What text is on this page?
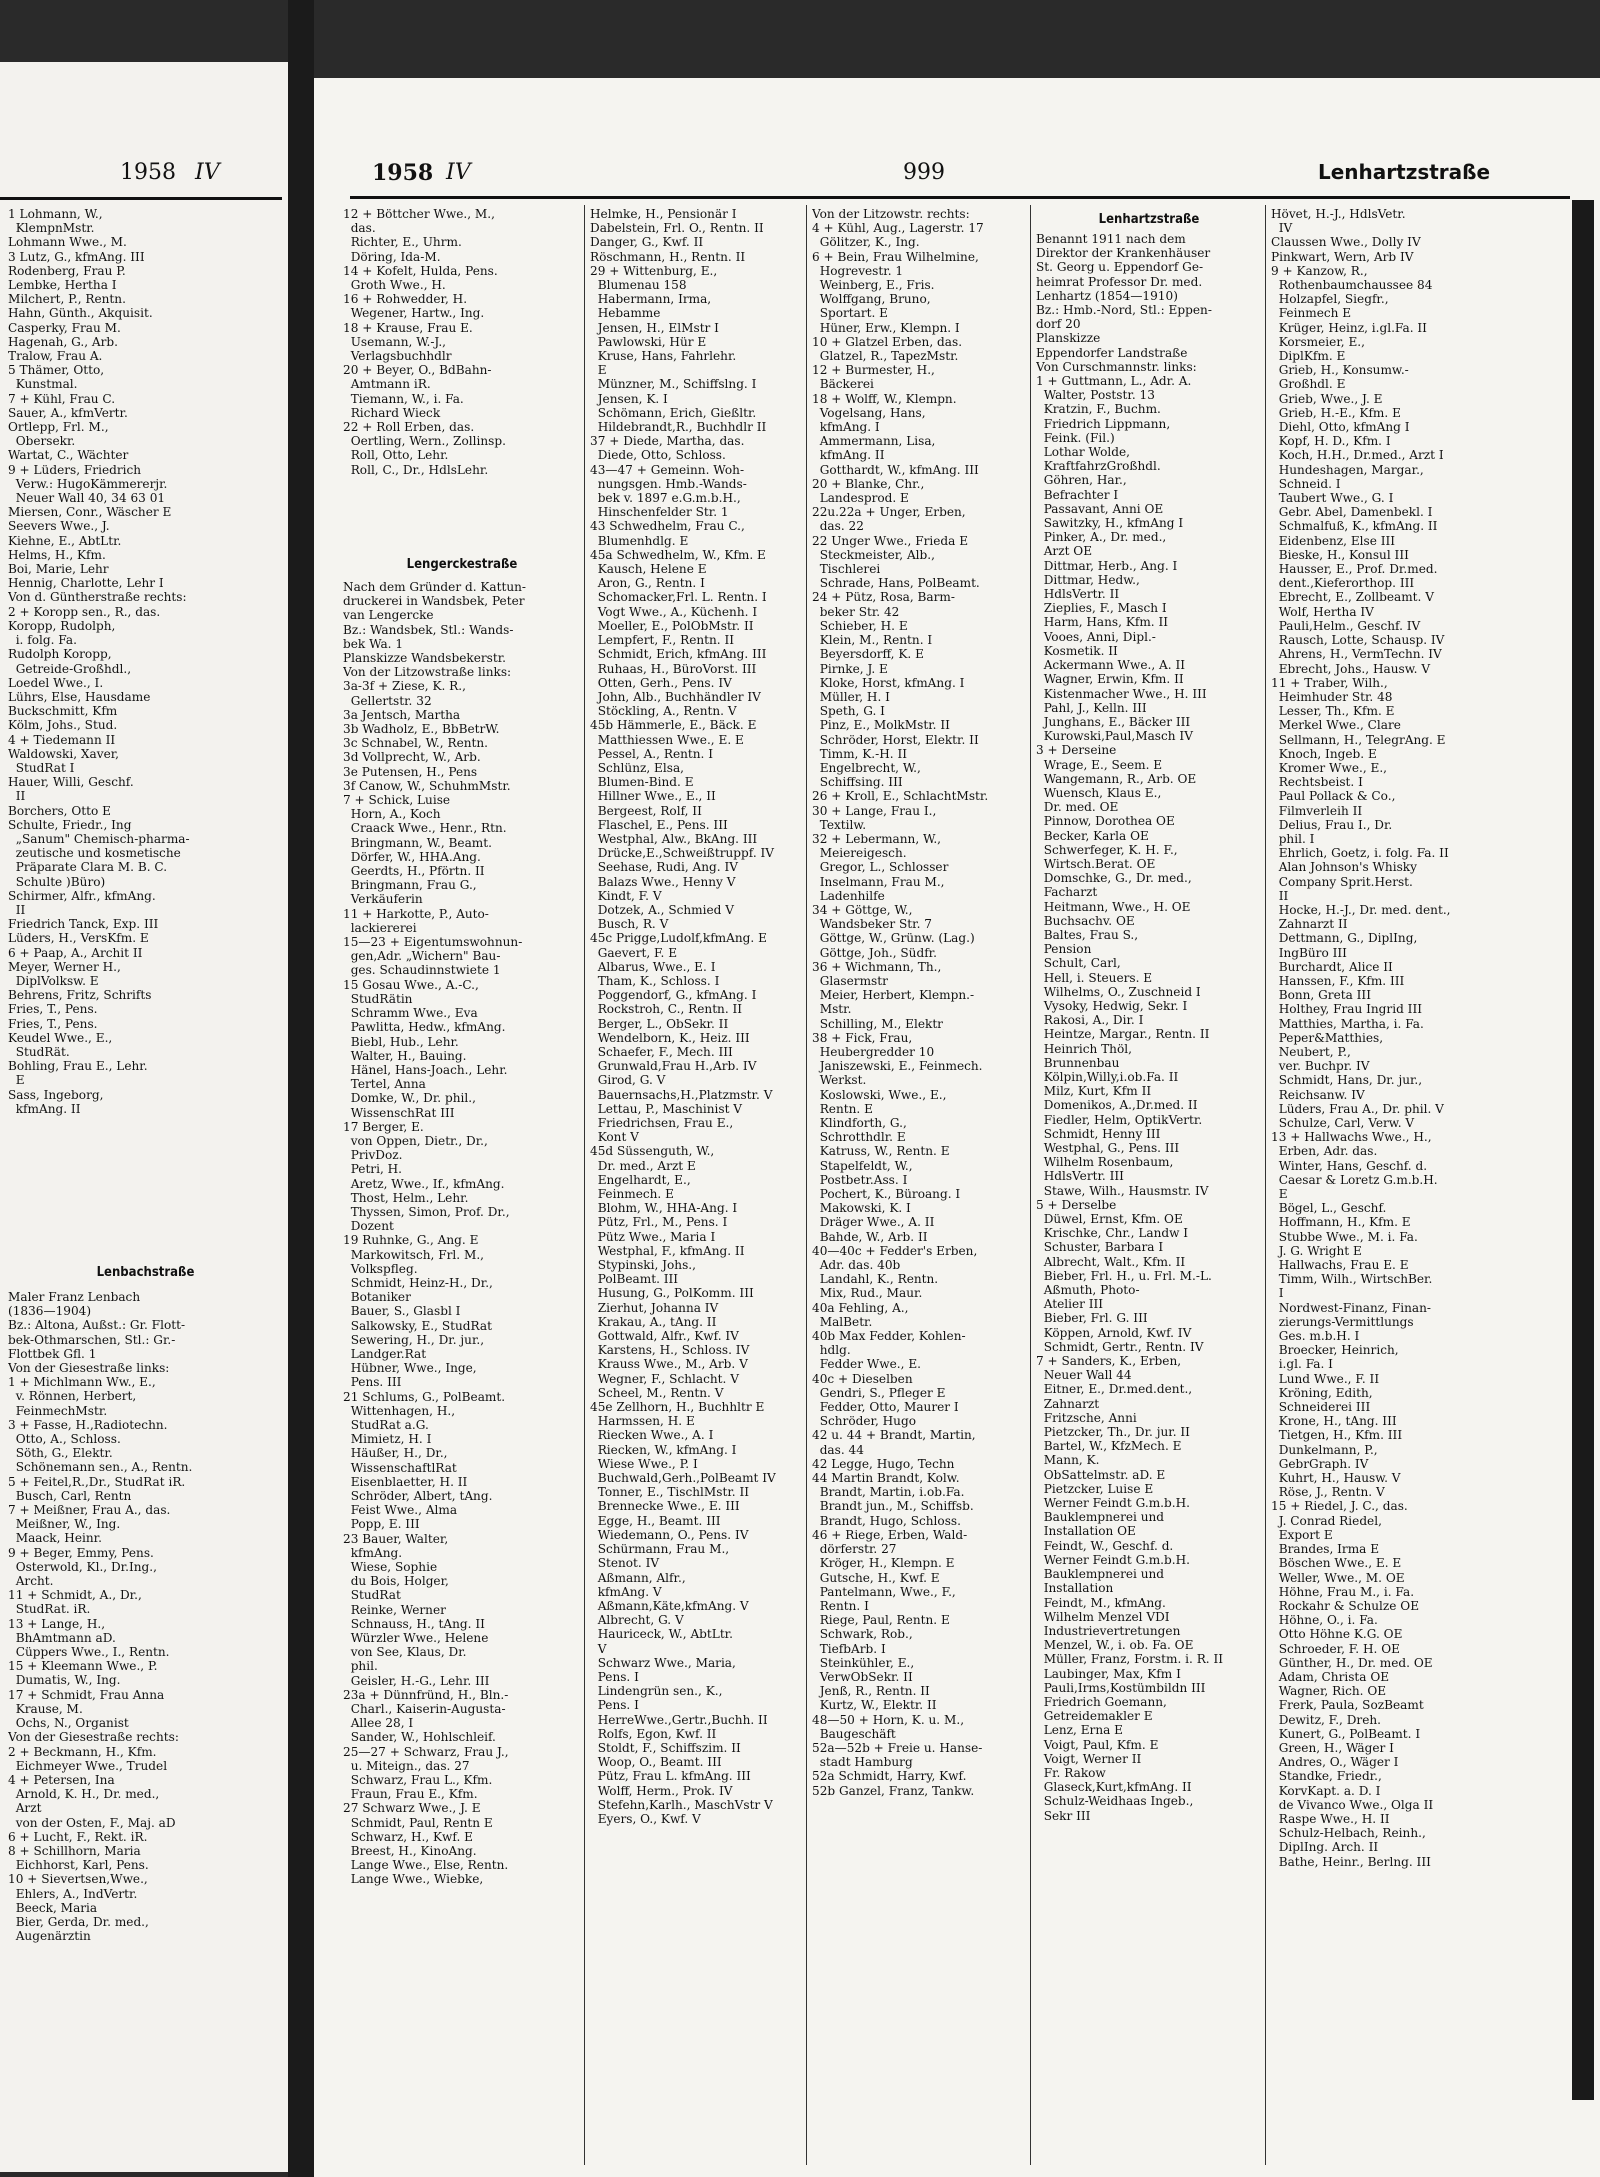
1958 IV	1958 IV	999	Lenhartzstraße
1 Lohmann, W.,
KlempnMstr.
Lohmann Wwe., M.
3 Lutz, G., kfmAng. III
Rodenberg, Frau P.
Lembke, Hertha I
Milchert, P., Rentn.
Hahn, Günth., Akquisit.
Casperky, Frau M.
Hagenah, G., Arb.
Tralow, Frau A.
5 Thämer, Otto,
Kunstmal.
7 + Kühl, Frau C.
Sauer, A., kfmVertr.
Ortlepp, Frl. M.,
Obersekr.
Wartat, C., Wächter
9 + Lüders, Friedrich
Verw.: HugoKämmererjr.
Neuer Wall 40, 34 63 01
Miersen, Conr., Wäscher E
Seevers Wwe., J.
Kiehne, E., AbtLtr.
Helms, H., Kfm.
Boi, Marie, Lehr
Hennig, Charlotte, Lehr I
Von d. Güntherstraße rechts:
2 + Koropp sen., R., das.
Koropp, Rudolph,
i. folg. Fa.
Rudolph Koropp,
Getreide-Großhdl.,
Loedel Wwe., I.
Lührs, Else, Hausdame
Buckschmitt, Kfm
Kölm, Johs., Stud.
4 + Tiedemann II
Waldowski, Xaver,
StudRat I
Hauer, Willi, Geschf.
II
Borchers, Otto E
Schulte, Friedr., Ing
„Sanum" Chemisch-pharma-
zeutische und kosmetische
Präparate Clara M. B. C.
Schulte )Büro)
Schirmer, Alfr., kfmAng.
II
Friedrich Tanck, Exp. III
Lüders, H., VersKfm. E
6 + Paap, A., Archit II
Meyer, Werner H.,
DiplVolksw. E
Behrens, Fritz, Schrifts
Fries, T., Pens.
Fries, T., Pens.
Keudel Wwe., E.,
StudRät.
Bohling, Frau E., Lehr.
E
Sass, Ingeborg,
kfmAng. II
Lenbachstraße
Maler Franz Lenbach
(1836—1904)
Bz.: Altona, Außst.: Gr. Flott-
bek-Othmarschen, Stl.: Gr.-
Flottbek Gfl. 1
Von der Giesestraße links:
1 + Michlmann Ww., E.,
v. Rönnen, Herbert,
FeinmechMstr.
3 + Fasse, H.,Radiotechn.
Otto, A., Schloss.
Söth, G., Elektr.
Schönemann sen., A., Rentn.
5 + Feitel,R.,Dr., StudRat iR.
Busch, Carl, Rentn
7 + Meißner, Frau A., das.
Meißner, W., Ing.
Maack, Heinr.
9 + Beger, Emmy, Pens.
Osterwold, Kl., Dr.Ing.,
Archt.
11 + Schmidt, A., Dr.,
StudRat. iR.
13 + Lange, H.,
BhAmtmann aD.
Cüppers Wwe., I., Rentn.
15 + Kleemann Wwe., P.
Dumatis, W., Ing.
17 + Schmidt, Frau Anna
Krause, M.
Ochs, N., Organist
Von der Giesestraße rechts:
2 + Beckmann, H., Kfm.
Eichmeyer Wwe., Trudel
4 + Petersen, Ina
Arnold, K. H., Dr. med.,
Arzt
von der Osten, F., Maj. aD
6 + Lucht, F., Rekt. iR.
8 + Schillhorn, Maria
Eichhorst, Karl, Pens.
10 + Sievertsen,Wwe.,
Ehlers, A., IndVertr.
Beeck, Maria
Bier, Gerda, Dr. med.,
Augenärztin
12 + Böttcher Wwe., M.,
das.
Richter, E., Uhrm.
Döring, Ida-M.
14 + Kofelt, Hulda, Pens.
Groth Wwe., H.
16 + Rohwedder, H.
Wegener, Hartw., Ing.
18 + Krause, Frau E.
Usemann, W.-J.,
Verlagsbuchhdlr
20 + Beyer, O., BdBahn-
Amtmann iR.
Tiemann, W., i. Fa.
Richard Wieck
22 + Roll Erben, das.
Oertling, Wern., Zollinsp.
Roll, Otto, Lehr.
Roll, C., Dr., HdlsLehr.
Lengerckestraße
Nach dem Gründer d. Kattun-
druckerei in Wandsbek, Peter
van Lengercke
Bz.: Wandsbek, Stl.: Wands-
bek Wa. 1
Planskizze Wandsbekerstr.
Von der Litzowstraße links:
3a-3f + Ziese, K. R.,
Gellertstr. 32
3a Jentsch, Martha
3b Wadholz, E., BbBetrW.
3c Schnabel, W., Rentn.
3d Vollprecht, W., Arb.
3e Putensen, H., Pens
3f Canow, W., SchuhmMstr.
7 + Schick, Luise
Horn, A., Koch
Craack Wwe., Henr., Rtn.
Bringmann, W., Beamt.
Dörfer, W., HHA.Ang.
Geerdts, H., Pförtn. II
Bringmann, Frau G.,
Verkäuferin
11 + Harkotte, P., Auto-
lackiererei
15—23 + Eigentumswohnun-
gen,Adr. „Wichern" Bau-
ges. Schaudinnstwiete 1
15 Gosau Wwe., A.-C.,
StudRätin
Schramm Wwe., Eva
Pawlitta, Hedw., kfmAng.
Biebl, Hub., Lehr.
Walter, H., Bauing.
Hänel, Hans-Joach., Lehr.
Tertel, Anna
Domke, W., Dr. phil.,
WissenschRat III
17 Berger, E.
von Oppen, Dietr., Dr.,
PrivDoz.
Petri, H.
Aretz, Wwe., If., kfmAng.
Thost, Helm., Lehr.
Thyssen, Simon, Prof. Dr.,
Dozent
19 Ruhnke, G., Ang. E
Markowitsch, Frl. M.,
Volkspfleg.
Schmidt, Heinz-H., Dr.,
Botaniker
Bauer, S., Glasbl I
Salkowsky, E., StudRat
Sewering, H., Dr. jur.,
Landger.Rat
Hübner, Wwe., Inge,
Pens. III
21 Schlums, G., PolBeamt.
Wittenhagen, H.,
StudRat a.G.
Mimietz, H. I
Häußer, H., Dr.,
WissenschaftlRat
Eisenblaetter, H. II
Schröder, Albert, tAng.
Feist Wwe., Alma
Popp, E. III
23 Bauer, Walter,
kfmAng.
Wiese, Sophie
du Bois, Holger,
StudRat
Reinke, Werner
Schnauss, H., tAng. II
Würzler Wwe., Helene
von See, Klaus, Dr.
phil.
Geisler, H.-G., Lehr. III
23a + Dünnfründ, H., Bln.-
Charl., Kaiserin-Augusta-
Allee 28, I
Sander, W., Hohlschleif.
25—27 + Schwarz, Frau J.,
u. Miteign., das. 27
Schwarz, Frau L., Kfm.
Fraun, Frau E., Kfm.
27 Schwarz Wwe., J. E
Schmidt, Paul, Rentn E
Schwarz, H., Kwf. E
Breest, H., KinoAng.
Lange Wwe., Else, Rentn.
Lange Wwe., Wiebke,
Helmke, H., Pensionär I
Dabelstein, Frl. O., Rentn. II
Danger, G., Kwf. II
Röschmann, H., Rentn. II
29 + Wittenburg, E.,
Blumenau 158
Habermann, Irma,
Hebamme
Jensen, H., ElMstr I
Pawlowski, Hür E
Kruse, Hans, Fahrlehr.
E
Münzner, M., Schiffslng. I
Jensen, K. I
Schömann, Erich, Gießltr.
Hildebrandt,R., Buchhdlr II
37 + Diede, Martha, das.
Diede, Otto, Schloss.
43—47 + Gemeinn. Woh-
nungsgen. Hmb.-Wands-
bek v. 1897 e.G.m.b.H.,
Hinschenfelder Str. 1
43 Schwedhelm, Frau C.,
Blumenhdlg. E
45a Schwedhelm, W., Kfm. E
Kausch, Helene E
Aron, G., Rentn. I
Schomacker,Frl. L. Rentn. I
Vogt Wwe., A., Küchenh. I
Moeller, E., PolObMstr. II
Lempfert, F., Rentn. II
Schmidt, Erich, kfmAng. III
Ruhaas, H., BüroVorst. III
Otten, Gerh., Pens. IV
John, Alb., Buchhändler IV
Stöckling, A., Rentn. V
45b Hämmerle, E., Bäck. E
Matthiessen Wwe., E. E
Pessel, A., Rentn. I
Schlünz, Elsa,
Blumen-Bind. E
Hillner Wwe., E., II
Bergeest, Rolf, II
Flaschel, E., Pens. III
Westphal, Alw., BkAng. III
Drücke,E.,Schweißtruppf. IV
Seehase, Rudi, Ang. IV
Balazs Wwe., Henny V
Kindt, F. V
Dotzek, A., Schmied V
Busch, R. V
45c Prigge,Ludolf,kfmAng. E
Gaevert, F. E
Albarus, Wwe., E. I
Tham, K., Schloss. I
Poggendorf, G., kfmAng. I
Rockstroh, C., Rentn. II
Berger, L., ObSekr. II
Wendelborn, K., Heiz. III
Schaefer, F., Mech. III
Grunwald,Frau H.,Arb. IV
Girod, G. V
Bauernsachs,H.,Platzmstr. V
Lettau, P., Maschinist V
Friedrichsen, Frau E.,
Kont V
45d Süssenguth, W.,
Dr. med., Arzt E
Engelhardt, E.,
Feinmech. E
Blohm, W., HHA-Ang. I
Pütz, Frl., M., Pens. I
Pütz Wwe., Maria I
Westphal, F., kfmAng. II
Stypinski, Johs.,
PolBeamt. III
Husung, G., PolKomm. III
Zierhut, Johanna IV
Krakau, A., tAng. II
Gottwald, Alfr., Kwf. IV
Karstens, H., Schloss. IV
Krauss Wwe., M., Arb. V
Wegner, F., Schlacht. V
Scheel, M., Rentn. V
45e Zellhorn, H., Buchhltr E
Harmssen, H. E
Riecken Wwe., A. I
Riecken, W., kfmAng. I
Wiese Wwe., P. I
Buchwald,Gerh.,PolBeamt IV
Tonner, E., TischlMstr. II
Brennecke Wwe., E. III
Egge, H., Beamt. III
Wiedemann, O., Pens. IV
Schürmann, Frau M.,
Stenot. IV
Aßmann, Alfr.,
kfmAng. V
Aßmann,Käte,kfmAng. V
Albrecht, G. V
Hauriceck, W., AbtLtr.
V
Schwarz Wwe., Maria,
Pens. I
Lindengrün sen., K.,
Pens. I
HerreWwe.,Gertr.,Buchh. II
Rolfs, Egon, Kwf. II
Stoldt, F., Schiffszim. II
Woop, O., Beamt. III
Pütz, Frau L. kfmAng. III
Wolff, Herm., Prok. IV
Stefehn,Karlh., MaschVstr V
Eyers, O., Kwf. V
Von der Litzowstr. rechts:
4 + Kühl, Aug., Lagerstr. 17
Gölitzer, K., Ing.
6 + Bein, Frau Wilhelmine,
Hogrevestr. 1
Weinberg, E., Fris.
Wolffgang, Bruno,
Sportart. E
Hüner, Erw., Klempn. I
10 + Glatzel Erben, das.
Glatzel, R., TapezMstr.
12 + Burmester, H.,
Bäckerei
18 + Wolff, W., Klempn.
Vogelsang, Hans,
kfmAng. I
Ammermann, Lisa,
kfmAng. II
Gotthardt, W., kfmAng. III
20 + Blanke, Chr.,
Landesprod. E
22u.22a + Unger, Erben,
das. 22
22 Unger Wwe., Frieda E
Steckmeister, Alb.,
Tischlerei
Schrade, Hans, PolBeamt.
24 + Pütz, Rosa, Barm-
beker Str. 42
Schieber, H. E
Klein, M., Rentn. I
Beyersdorff, K. E
Pirnke, J. E
Kloke, Horst, kfmAng. I
Müller, H. I
Speth, G. I
Pinz, E., MolkMstr. II
Schröder, Horst, Elektr. II
Timm, K.-H. II
Engelbrecht, W.,
Schiffsing. III
26 + Kroll, E., SchlachtMstr.
30 + Lange, Frau I.,
Textilw.
32 + Lebermann, W.,
Meiereigesch.
Gregor, L., Schlosser
Inselmann, Frau M.,
Ladenhilfe
34 + Göttge, W.,
Wandsbeker Str. 7
Göttge, W., Grünw. (Lag.)
Göttge, Joh., Südfr.
36 + Wichmann, Th.,
Glasermstr
Meier, Herbert, Klempn.-
Mstr.
Schilling, M., Elektr
38 + Fick, Frau,
Heubergredder 10
Janiszewski, E., Feinmech.
Werkst.
Koslowski, Wwe., E.,
Rentn. E
Klindforth, G.,
Schrotthdlr. E
Katruss, W., Rentn. E
Stapelfeldt, W.,
Postbetr.Ass. I
Pochert, K., Büroang. I
Makowski, K. I
Dräger Wwe., A. II
Bahde, W., Arb. II
40—40c + Fedder's Erben,
Adr. das. 40b
Landahl, K., Rentn.
Mix, Rud., Maur.
40a Fehling, A.,
MalBetr.
40b Max Fedder, Kohlen-
hdlg.
Fedder Wwe., E.
40c + Dieselben
Gendri, S., Pfleger E
Fedder, Otto, Maurer I
Schröder, Hugo
42 u. 44 + Brandt, Martin,
das. 44
42 Legge, Hugo, Techn
44 Martin Brandt, Kolw.
Brandt, Martin, i.ob.Fa.
Brandt jun., M., Schiffsb.
Brandt, Hugo, Schloss.
46 + Riege, Erben, Wald-
dörferstr. 27
Kröger, H., Klempn. E
Gutsche, H., Kwf. E
Pantelmann, Wwe., F.,
Rentn. I
Riege, Paul, Rentn. E
Schwark, Rob.,
TiefbArb. I
Steinkühler, E.,
VerwObSekr. II
Jenß, R., Rentn. II
Kurtz, W., Elektr. II
48—50 + Horn, K. u. M.,
Baugeschäft
52a—52b + Freie u. Hanse-
stadt Hamburg
52a Schmidt, Harry, Kwf.
52b Ganzel, Franz, Tankw.
Lenhartzstraße
Benannt 1911 nach dem
Direktor der Krankenhäuser
St. Georg u. Eppendorf Ge-
heimrat Professor Dr. med.
Lenhartz (1854—1910)
Bz.: Hmb.-Nord, Stl.: Eppen-
dorf 20
Planskizze
Eppendorfer Landstraße
Von Curschmannstr. links:
1 + Guttmann, L., Adr. A.
Walter, Poststr. 13
Kratzin, F., Buchm.
Friedrich Lippmann,
Feink. (Fil.)
Lothar Wolde,
KraftfahrzGroßhdl.
Göhren, Har.,
Befrachter I
Passavant, Anni OE
Sawitzky, H., kfmAng I
Pinker, A., Dr. med.,
Arzt OE
Dittmar, Herb., Ang. I
Dittmar, Hedw.,
HdlsVertr. II
Zieplies, F., Masch I
Harm, Hans, Kfm. II
Vooes, Anni, Dipl.-
Kosmetik. II
Ackermann Wwe., A. II
Wagner, Erwin, Kfm. II
Kistenmacher Wwe., H. III
Pahl, J., Kelln. III
Junghans, E., Bäcker III
Kurowski,Paul,Masch IV
3 + Derseine
Wrage, E., Seem. E
Wangemann, R., Arb. OE
Wuensch, Klaus E.,
Dr. med. OE
Pinnow, Dorothea OE
Becker, Karla OE
Schwerfeger, K. H. F.,
Wirtsch.Berat. OE
Domschke, G., Dr. med.,
Facharzt
Heitmann, Wwe., H. OE
Buchsachv. OE
Baltes, Frau S.,
Pension
Schult, Carl,
Hell, i. Steuers. E
Wilhelms, O., Zuschneid I
Vysoky, Hedwig, Sekr. I
Rakosi, A., Dir. I
Heintze, Margar., Rentn. II
Heinrich Thöl,
Brunnenbau
Kölpin,Willy,i.ob.Fa. II
Milz, Kurt, Kfm II
Domenikos, A.,Dr.med. II
Fiedler, Helm, OptikVertr.
Schmidt, Henny III
Westphal, G., Pens. III
Wilhelm Rosenbaum,
HdlsVertr. III
Stawe, Wilh., Hausmstr. IV
5 + Derselbe
Düwel, Ernst, Kfm. OE
Krischke, Chr., Landw I
Schuster, Barbara I
Albrecht, Walt., Kfm. II
Bieber, Frl. H., u. Frl. M.-L.
Aßmuth, Photo-
Atelier III
Bieber, Frl. G. III
Köppen, Arnold, Kwf. IV
Schmidt, Gertr., Rentn. IV
7 + Sanders, K., Erben,
Neuer Wall 44
Eitner, E., Dr.med.dent.,
Zahnarzt
Fritzsche, Anni
Pietzcker, Th., Dr. jur. II
Bartel, W., KfzMech. E
Mann, K.
ObSattelmstr. aD. E
Pietzcker, Luise E
Werner Feindt G.m.b.H.
Bauklempnerei und
Installation OE
Feindt, W., Geschf. d.
Werner Feindt G.m.b.H.
Bauklempnerei und
Installation
Feindt, M., kfmAng.
Wilhelm Menzel VDI
Industrievertretungen
Menzel, W., i. ob. Fa. OE
Müller, Franz, Forstm. i. R. II
Laubinger, Max, Kfm I
Pauli,Irms,Kostümbildn III
Friedrich Goemann,
Getreidemakler E
Lenz, Erna E
Voigt, Paul, Kfm. E
Voigt, Werner II
Fr. Rakow
Glaseck,Kurt,kfmAng. II
Schulz-Weidhaas Ingeb.,
Sekr III
Hövet, H.-J., HdlsVetr.
IV
Claussen Wwe., Dolly IV
Pinkwart, Wern, Arb IV
9 + Kanzow, R.,
Rothenbaumchaussee 84
Holzapfel, Siegfr.,
Feinmech E
Krüger, Heinz, i.gl.Fa. II
Korsmeier, E.,
DiplKfm. E
Grieb, H., Konsumw.-
Großhdl. E
Grieb, Wwe., J. E
Grieb, H.-E., Kfm. E
Diehl, Otto, kfmAng I
Kopf, H. D., Kfm. I
Koch, H.H., Dr.med., Arzt I
Hundeshagen, Margar.,
Schneid. I
Taubert Wwe., G. I
Gebr. Abel, Damenbekl. I
Schmalfuß, K., kfmAng. II
Eidenbenz, Else III
Bieske, H., Konsul III
Hausser, E., Prof. Dr.med.
dent.,Kieferorthop. III
Ebrecht, E., Zollbeamt. V
Wolf, Hertha IV
Pauli,Helm., Geschf. IV
Rausch, Lotte, Schausp. IV
Ahrens, H., VermTechn. IV
Ebrecht, Johs., Hausw. V
11 + Traber, Wilh.,
Heimhuder Str. 48
Lesser, Th., Kfm. E
Merkel Wwe., Clare
Sellmann, H., TelegrAng. E
Knoch, Ingeb. E
Kromer Wwe., E.,
Rechtsbeist. I
Paul Pollack & Co.,
Filmverleih II
Delius, Frau I., Dr.
phil. I
Ehrlich, Goetz, i. folg. Fa. II
Alan Johnson's Whisky
Company Sprit.Herst.
II
Hocke, H.-J., Dr. med. dent.,
Zahnarzt II
Dettmann, G., DiplIng,
IngBüro III
Burchardt, Alice II
Hanssen, F., Kfm. III
Bonn, Greta III
Holthey, Frau Ingrid III
Matthies, Martha, i. Fa.
Peper&Matthies,
Neubert, P.,
ver. Buchpr. IV
Schmidt, Hans, Dr. jur.,
Reichsanw. IV
Lüders, Frau A., Dr. phil. V
Schulze, Carl, Verw. V
13 + Hallwachs Wwe., H.,
Erben, Adr. das.
Winter, Hans, Geschf. d.
Caesar & Loretz G.m.b.H.
E
Bögel, L., Geschf.
Hoffmann, H., Kfm. E
Stubbe Wwe., M. i. Fa.
J. G. Wright E
Hallwachs, Frau E. E
Timm, Wilh., WirtschBer.
I
Nordwest-Finanz, Finan-
zierungs-Vermittlungs
Ges. m.b.H. I
Broecker, Heinrich,
i.gl. Fa. I
Lund Wwe., F. II
Kröning, Edith,
Schneiderei III
Krone, H., tAng. III
Tietgen, H., Kfm. III
Dunkelmann, P.,
GebrGraph. IV
Kuhrt, H., Hausw. V
Röse, J., Rentn. V
15 + Riedel, J. C., das.
J. Conrad Riedel,
Export E
Brandes, Irma E
Böschen Wwe., E. E
Weller, Wwe., M. OE
Höhne, Frau M., i. Fa.
Rockahr & Schulze OE
Höhne, O., i. Fa.
Otto Höhne K.G. OE
Schroeder, F. H. OE
Günther, H., Dr. med. OE
Adam, Christa OE
Wagner, Rich. OE
Frerk, Paula, SozBeamt
Dewitz, F., Dreh.
Kunert, G., PolBeamt. I
Green, H., Wäger I
Andres, O., Wäger I
Standke, Friedr.,
KorvKapt. a. D. I
de Vivanco Wwe., Olga II
Raspe Wwe., H. II
Schulz-Helbach, Reinh.,
DiplIng. Arch. II
Bathe, Heinr., Berlng. III
